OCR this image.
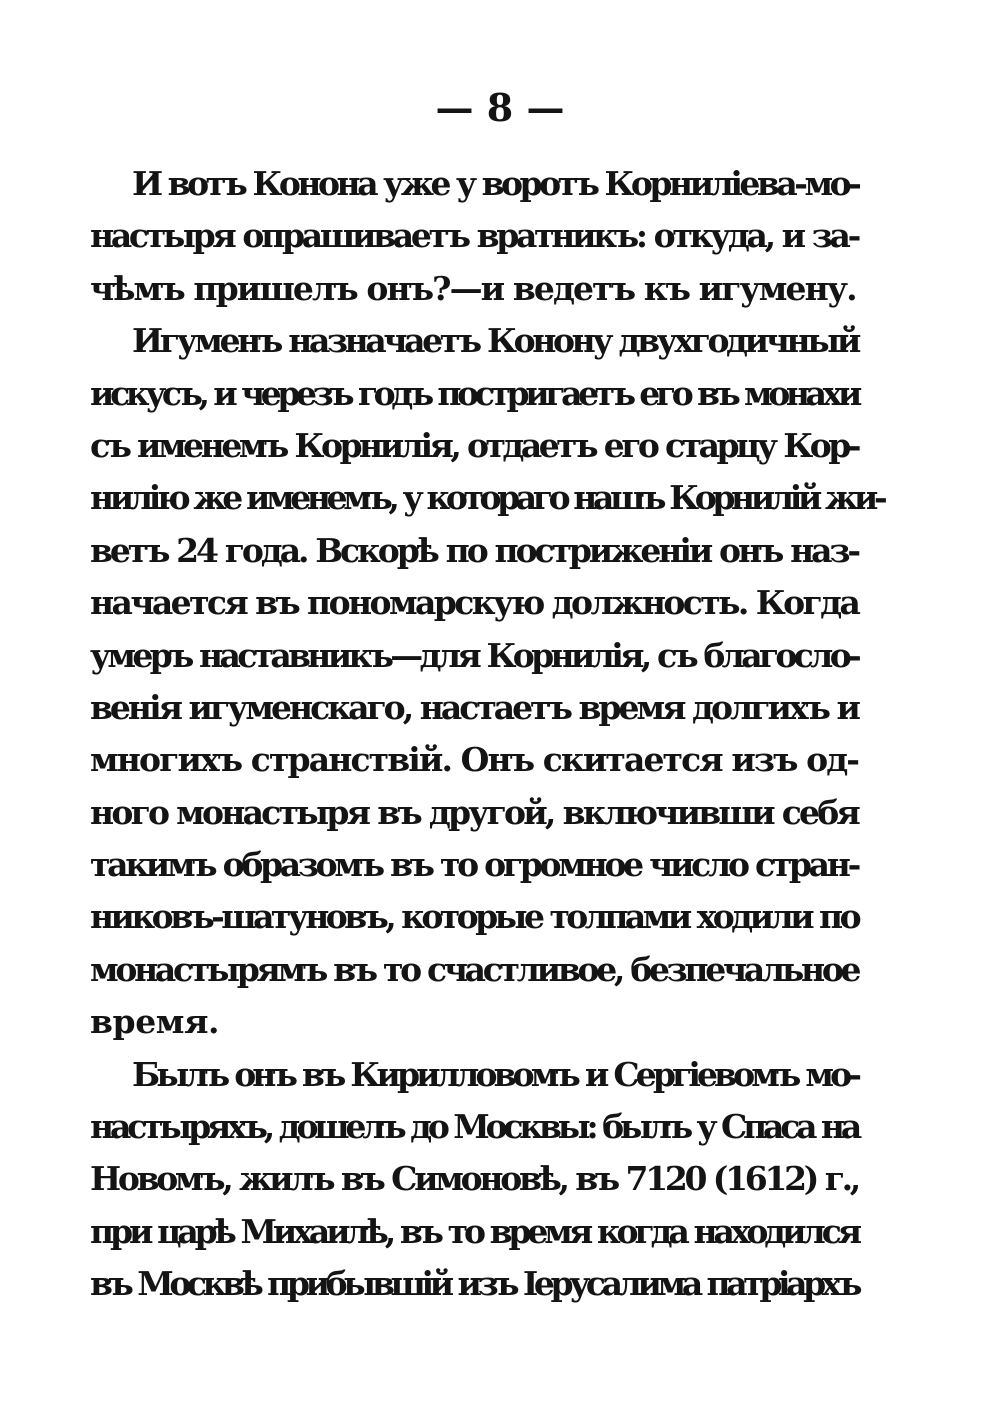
— 8 —
И вотъ Конона уже у воротъ Корниліева-мо-
настыря опрашиваетъ вратникъ: откуда, и за-
чѣмъ пришелъ онъ?—и ведетъ къ игумену.
Игуменъ назначаетъ Конону двухгодичный
искусъ, и черезъ годъ постригаетъ его въ монахи
съ именемъ Корнилія, отдаетъ его старцу Кор-
нилію же именемъ, у котораго нашъ Корнилій жи-
ветъ 24 года. Вскорѣ по постриженіи онъ наз-
начается въ пономарскую должность. Когда
умеръ наставникъ—для Корнилія, съ благосло-
венія игуменскаго, настаетъ время долгихъ и
многихъ странствій. Онъ скитается изъ од-
ного монастыря въ другой, включивши себя
такимъ образомъ въ то огромное число стран-
никовъ-шатуновъ, которые толпами ходили по
монастырямъ въ то счастливое, безпечальное
время.
Былъ онъ въ Кирилловомъ и Сергіевомъ мо-
настыряхъ, дошелъ до Москвы: былъ у Спаса на
Новомъ, жилъ въ Симоновѣ, въ 7120 (1612) г.,
при царѣ Михаилѣ, въ то время когда находился
въ Москвѣ прибывшій изъ Іерусалима патріархъ
